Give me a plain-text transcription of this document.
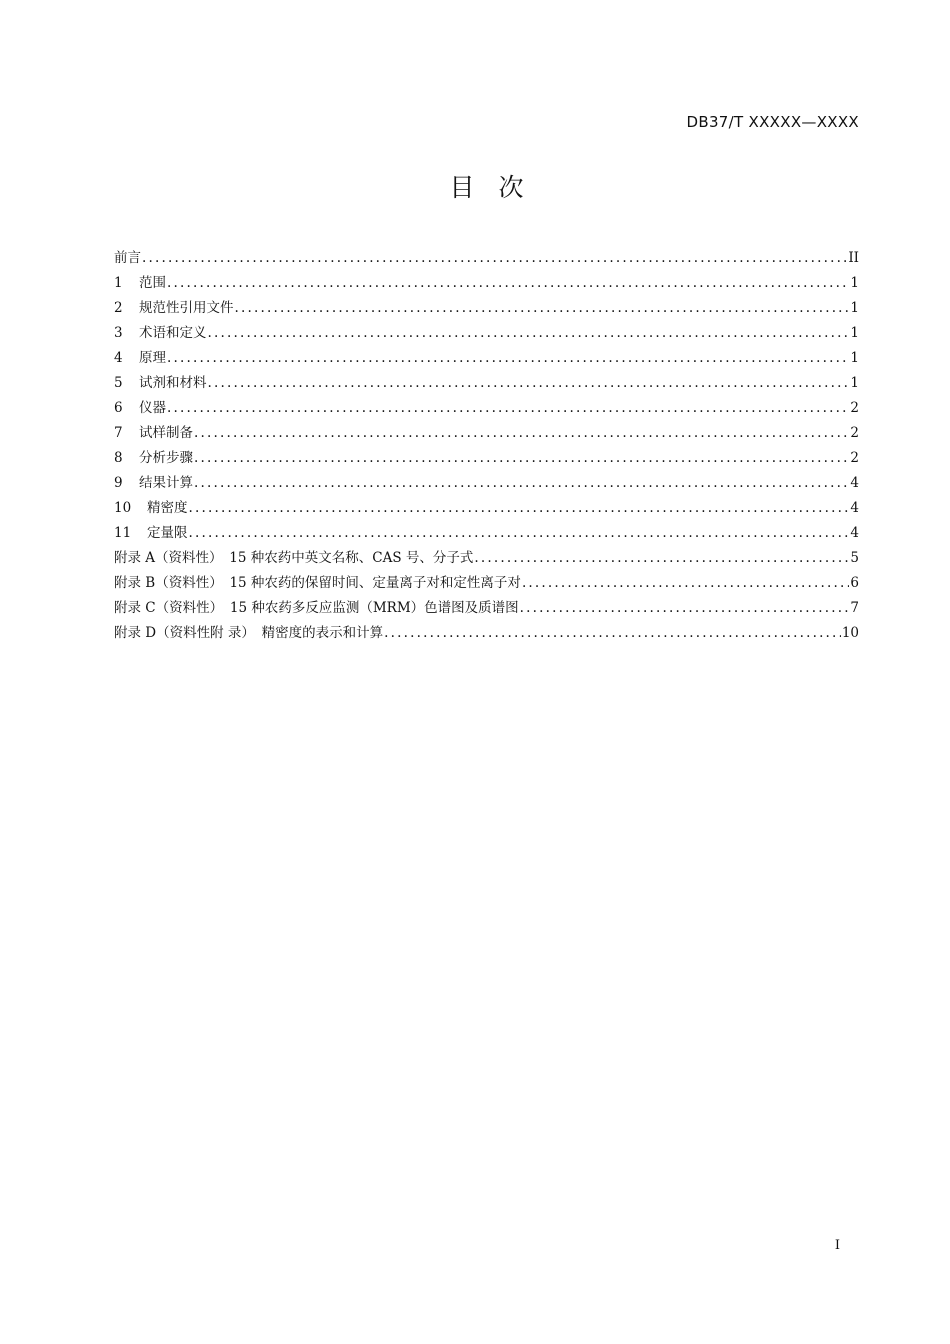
DB37/T XXXXX—XXXX
目 次
前言 .....	II
1	范围 .....	1
2	规范性引用文件 .....	1
3	术语和定义 .....	1
4	原理 .....	1
5	试剂和材料 .....	1
6	仪器 .....	2
7	试样制备 .....	2
8	分析步骤 .....	2
9	结果计算 .....	4
10	精密度 .....	4
11	定量限 .....	4
附录 A（资料性）　15 种农药中英文名称、CAS 号、分子式 .....	5
附录 B（资料性）　15 种农药的保留时间、定量离子对和定性离子对 .....	6
附录 C（资料性）　15 种农药多反应监测（MRM）色谱图及质谱图 .....	7
附录 D（资料性附 录）　精密度的表示和计算 .....	10
I
